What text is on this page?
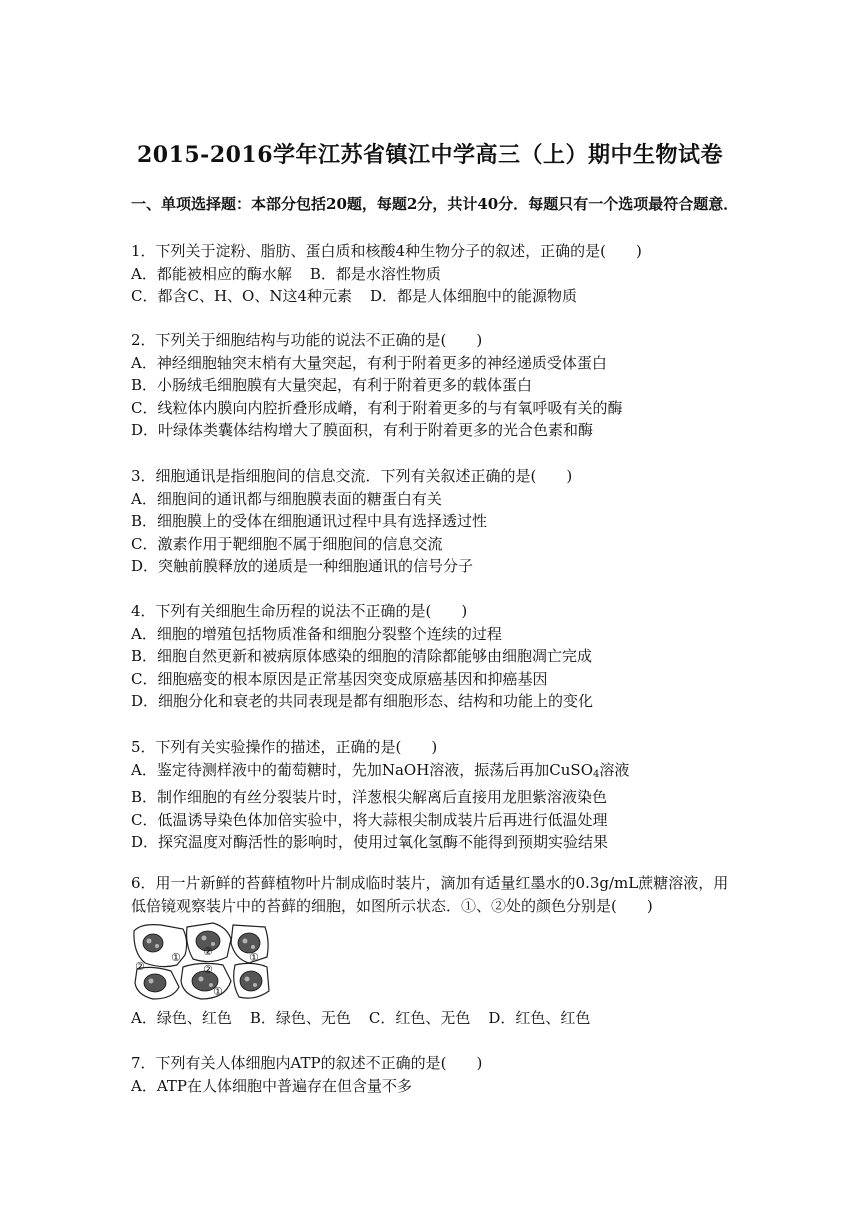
2015-2016学年江苏省镇江中学高三（上）期中生物试卷
一、单项选择题：本部分包括20题，每题2分，共计40分．每题只有一个选项最符合题意．
1．下列关于淀粉、脂肪、蛋白质和核酸4种生物分子的叙述，正确的是(　　)
A．都能被相应的酶水解 B．都是水溶性物质
C．都含C、H、O、N这4种元素 D．都是人体细胞中的能源物质
2．下列关于细胞结构与功能的说法不正确的是(　　)
A．神经细胞轴突末梢有大量突起，有利于附着更多的神经递质受体蛋白
B．小肠绒毛细胞膜有大量突起，有利于附着更多的载体蛋白
C．线粒体内膜向内腔折叠形成嵴，有利于附着更多的与有氧呼吸有关的酶
D．叶绿体类囊体结构增大了膜面积，有利于附着更多的光合色素和酶
3．细胞通讯是指细胞间的信息交流．下列有关叙述正确的是(　　)
A．细胞间的通讯都与细胞膜表面的糖蛋白有关
B．细胞膜上的受体在细胞通讯过程中具有选择透过性
C．激素作用于靶细胞不属于细胞间的信息交流
D．突触前膜释放的递质是一种细胞通讯的信号分子
4．下列有关细胞生命历程的说法不正确的是(　　)
A．细胞的增殖包括物质准备和细胞分裂整个连续的过程
B．细胞自然更新和被病原体感染的细胞的清除都能够由细胞凋亡完成
C．细胞癌变的根本原因是正常基因突变成原癌基因和抑癌基因
D．细胞分化和衰老的共同表现是都有细胞形态、结构和功能上的变化
5．下列有关实验操作的描述，正确的是(　　)
A．鉴定待测样液中的葡萄糖时，先加NaOH溶液，振荡后再加CuSO$_4$溶液
B．制作细胞的有丝分裂装片时，洋葱根尖解离后直接用龙胆紫溶液染色
C．低温诱导染色体加倍实验中，将大蒜根尖制成装片后再进行低温处理
D．探究温度对酶活性的影响时，使用过氧化氢酶不能得到预期实验结果
6．用一片新鲜的苔藓植物叶片制成临时装片，滴加有适量红墨水的0.3g/mL蔗糖溶液，用
低倍镜观察装片中的苔藓的细胞，如图所示状态．①、②处的颜色分别是(　　)
①
②
②	①
②
①
A．绿色、红色 B．绿色、无色 C．红色、无色 D．红色、红色
7．下列有关人体细胞内ATP的叙述不正确的是(　　)
A．ATP在人体细胞中普遍存在但含量不多
